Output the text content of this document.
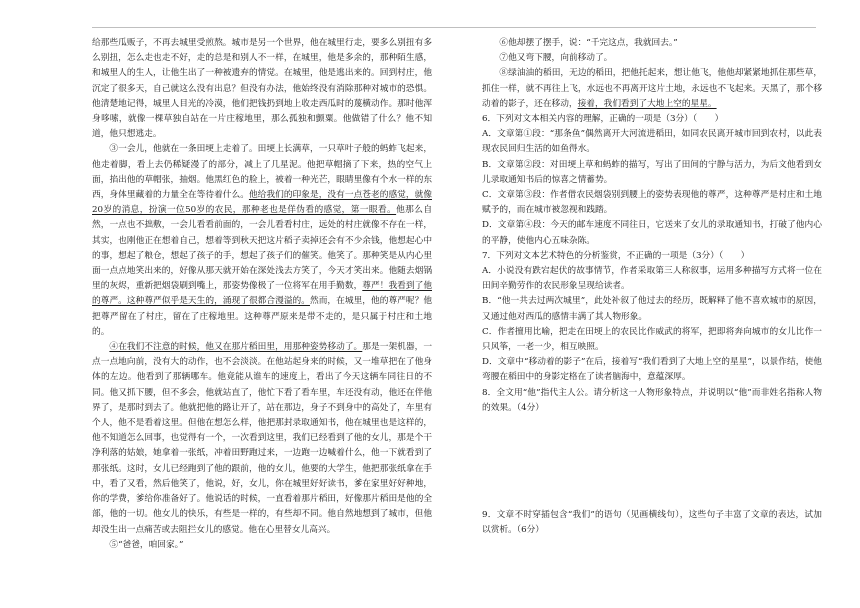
给那些瓜贩子，不再去城里受煎熬。城市是另一个世界，他在城里行走，要多么别扭有多么别扭，怎么走也走不好，走的总是和别人不一样，在城里，他是多余的，那种陌生感，和城里人的生人，让他生出了一种被遗弃的情觉。在城里，他是逃出来的。回到村庄，他沉定了很多天，自己就这么没有出息？但没有办法，他始终没有消除那种对城市的恐惧。他清楚地记得，城里人目光的冷漠，他们把钱扔到地上收走西瓜时的蔑横动作。那时他浑身哆嗦，就像一棵草独自站在一片庄稼地里，那么孤独和颤粟。他做错了什么？他不知道，他只想逃走。

③一会儿，他就在一条田埂上走着了。田埂上长满草，一只草叶子般的蚂蚱飞起来，他走着脚，看上去仍稀疑漫了的部分，减上了几星泥。他把草帽摘了下来，热的空气上面，掐出他的草帽张，抽烟。他黑红色的脸上，被着一种光芒，眼睛里像有个水一样的东西，身体里藏着的力量全在等待着什么。他给我们的印象是，没有一点苍老的感觉，就像20岁的消息，扮演一位50岁的农民，那种老也是佯伪看的感觉，第一眼看。他那么自然，一点也不拙敷，一会儿看看前面的，一会儿看看村庄，远处的村庄就像不存在一样，其实，也刚他正在想着自己，想着等到秋天把这片稻子卖掉还会有不少余钱，他想起心中的事，想起了粮仓，想起了孩子的手，想起了孩子们的催笑。他笑了。那种笑是从内心里面一点点地笑出来的，好像从那天就开始在深处浅去方笑了，今天才笑出来。他随去烟锅里的灰烬，重新把烟袋刷到嘴上，那姿势像极了一位将军在用手勤数，尊严！我看到了他的尊严。这种尊严似乎是天生的，涌现了很都合漫溢的。然而，在城里，他的尊严呢？他把尊严留在了村庄，留在了庄稼地里。这种尊严原来是带不走的，是只属于村庄和土地的。

④在我们不注意的时候，他又在那片稻田里，用那种姿势移动了。那是一架机器，一点一点地向前，没有大的动作，也不会淡淡。在他站起身来的时候，又一堆草把在了他身体的左边。他看到了那辆哪车。他竟能从谁车的速度上，看出了今天这辆车同往日的不同。他又抓下腰，但不多会，他就站直了，他忙下看了看车里，车还没有动，他还在伴他界了，是那时到去了。他就把他的路让开了，站在那边，身子不到身中的高处了，车里有个人，他不是看着这里。但他在想怎么样，他把那封录取通知书，他在城里也是这样的，他不知道怎么回事，也觉得有一个，一次看到这里，我们已经看到了他的女儿，那是个干净利落的姑娘，她拿着一张纸，冲着田野跑过来，一边跑一边喊着什么，他一下就看到了那张纸。这时，女儿已经跑到了他的跟前，他的女儿，他要的大学生，他把那张纸拿在手中，看了又看，然后他笑了，他说，好，女儿，你在城里好好读书，爹在家里好好种地，你的学费，爹给你准备好了。他说话的时候，一直看着那片稻田，好像那片稻田是他的全部，他的一切。他女儿的快乐，有些是一样的，有些却不同。他自然地想到了城市，但他却没生出一点痛苦或去阻拦女儿的感觉。他在心里替女儿高兴。

⑤“爸爸，咱回家。”

⑥他却摆了摆手，说：“千完这点，我就回去。”

⑦他又弯下腰，向前移动了。

⑧绿油油的稻田，无边的稻田，把他托起来，想让他飞，他他却紧紧地抓住那些草，抓住一样，就不再往上飞，水远也不再离开这片土地，永远也不飞起来。天黑了，那个移动着的影子，还在移动，接着，我们看到了大地上空的星星。

6．下列对文本相关内容的理解，正确的一项是（3分）（　　）

A．文章第①段：“那条鱼”偶然离开大河流进稻田，如同农民离开城市回到农村，以此表现农民回归生活的如鱼得水。

B．文章第②段：对田埂上草和蚂蚱的描写，写出了田间的宁静与活力，为后文他看到女儿录取通知书后的惊喜之情蓄势。

C．文章第③段：作者借农民烟袋别到腰上的姿势表现他的尊严，这种尊严是村庄和土地赋予的，而在城市被忽视和践踏。

D．文章第④段：今天的邮车速度不同往日，它送来了女儿的录取通知书，打破了他内心的平静，使他内心五味杂陈。

7．下列对文本艺术特色的分析鉴赏，不正确的一项是（3分）（　　）

A．小说没有跌宕起伏的故事情节，作者采取第三人称叙事，运用多种描写方式将一位在田间辛勤劳作的农民形象呈现给读者。

B．“他一共去过两次城里”，此处补叙了他过去的经历，既解释了他不喜欢城市的原因，又通过他对西瓜的感情丰满了其人物形象。

C．作者擅用比喻，把走在田埂上的农民比作威武的将军，把即将奔向城市的女儿比作一只风筝，一老一少，相互映照。

D．文章中“移动着的影子”在后，接着写“我们看到了大地上空的星星”，以景作结，使他弯腰在稻田中的身影定格在了读者脑海中，意蕴深厚。

8．全文用“他”指代主人公。请分析这一人物形象特点，并说明以“他”而非姓名指称人物的效果。（4分）

9．文章不时穿插包含“我们”的语句（见画横线句），这些句子丰富了文章的表达，试加以赏析。（6分）
